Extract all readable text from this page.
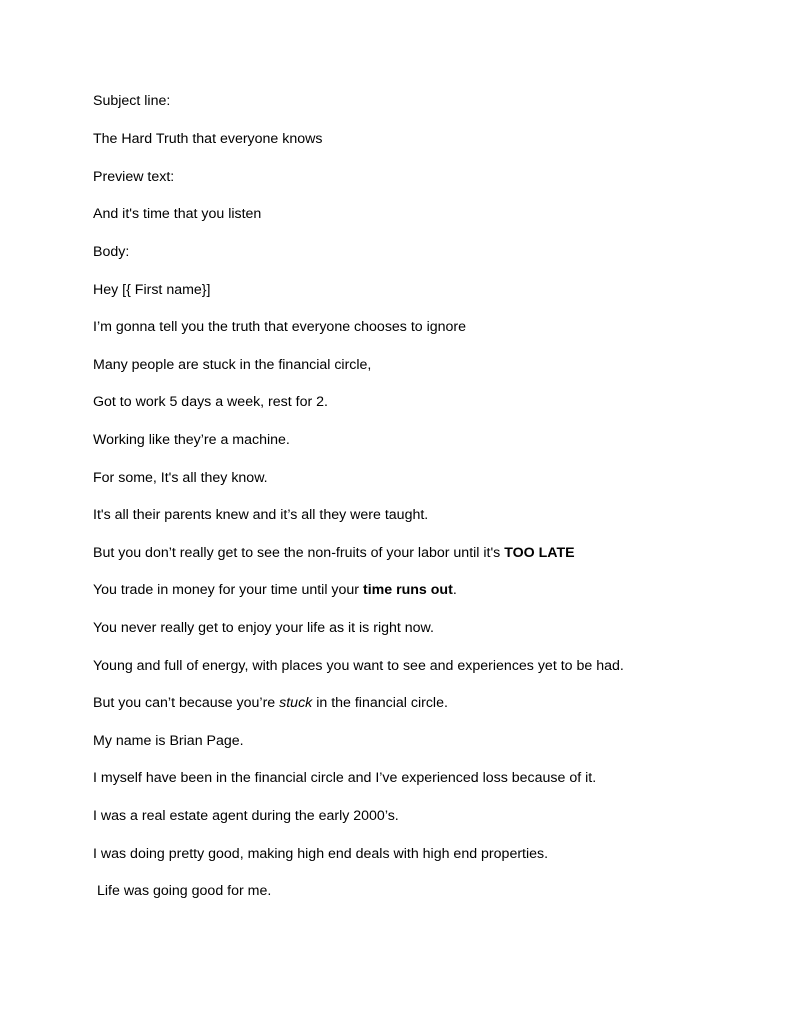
Subject line:

The Hard Truth that everyone knows

Preview text:

And it's time that you listen

Body:

Hey [{ First name}]

I’m gonna tell you the truth that everyone chooses to ignore

Many people are stuck in the financial circle,

Got to work 5 days a week, rest for 2.

Working like they’re a machine.

For some, It's all they know.

It's all their parents knew and it’s all they were taught.

But you don’t really get to see the non-fruits of your labor until it's TOO LATE

You trade in money for your time until your time runs out.

You never really get to enjoy your life as it is right now.

Young and full of energy, with places you want to see and experiences yet to be had.

But you can’t because you’re stuck in the financial circle.

My name is Brian Page.

I myself have been in the financial circle and I’ve experienced loss because of it.

I was a real estate agent during the early 2000’s.

I was doing pretty good, making high end deals with high end properties.

Life was going good for me.
